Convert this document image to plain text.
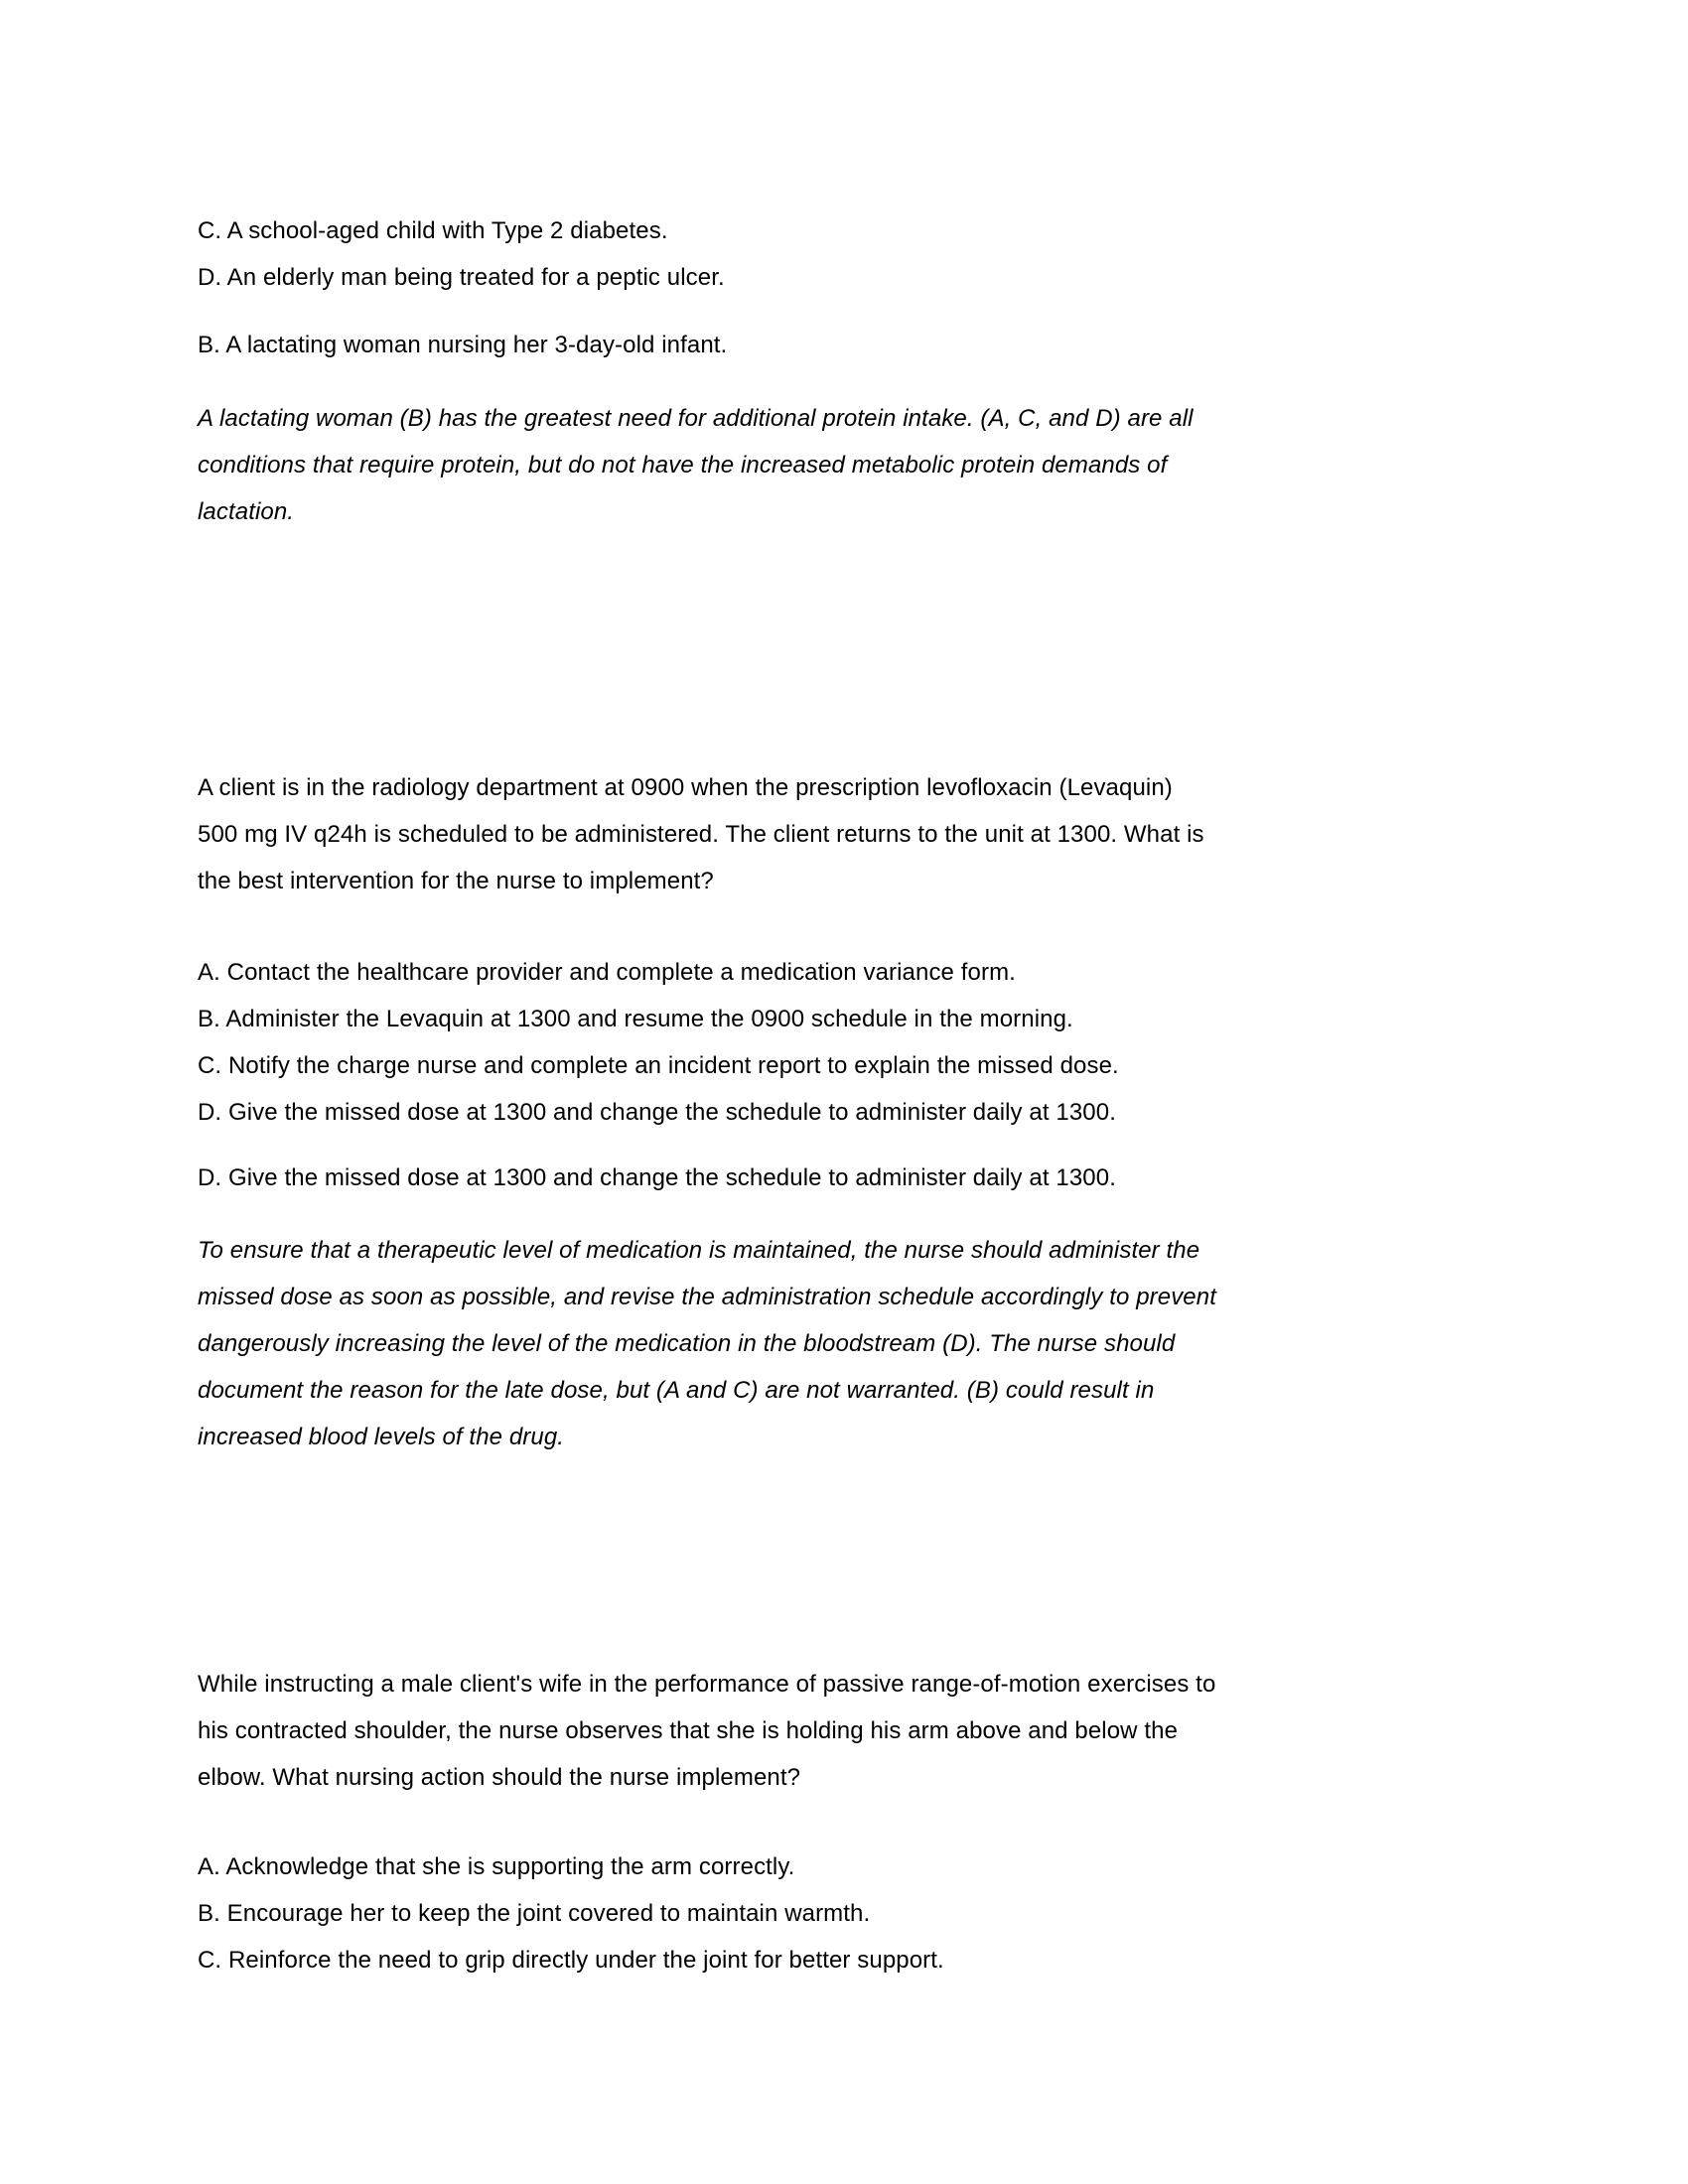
C. A school-aged child with Type 2 diabetes.
D. An elderly man being treated for a peptic ulcer.
B. A lactating woman nursing her 3-day-old infant.
A lactating woman (B) has the greatest need for additional protein intake. (A, C, and D) are all
conditions that require protein, but do not have the increased metabolic protein demands of
lactation.
A client is in the radiology department at 0900 when the prescription levofloxacin (Levaquin)
500 mg IV q24h is scheduled to be administered. The client returns to the unit at 1300. What is
the best intervention for the nurse to implement?
A. Contact the healthcare provider and complete a medication variance form.
B. Administer the Levaquin at 1300 and resume the 0900 schedule in the morning.
C. Notify the charge nurse and complete an incident report to explain the missed dose.
D. Give the missed dose at 1300 and change the schedule to administer daily at 1300.
D. Give the missed dose at 1300 and change the schedule to administer daily at 1300.
To ensure that a therapeutic level of medication is maintained, the nurse should administer the
missed dose as soon as possible, and revise the administration schedule accordingly to prevent
dangerously increasing the level of the medication in the bloodstream (D). The nurse should
document the reason for the late dose, but (A and C) are not warranted. (B) could result in
increased blood levels of the drug.
While instructing a male client's wife in the performance of passive range-of-motion exercises to
his contracted shoulder, the nurse observes that she is holding his arm above and below the
elbow. What nursing action should the nurse implement?
A. Acknowledge that she is supporting the arm correctly.
B. Encourage her to keep the joint covered to maintain warmth.
C. Reinforce the need to grip directly under the joint for better support.
